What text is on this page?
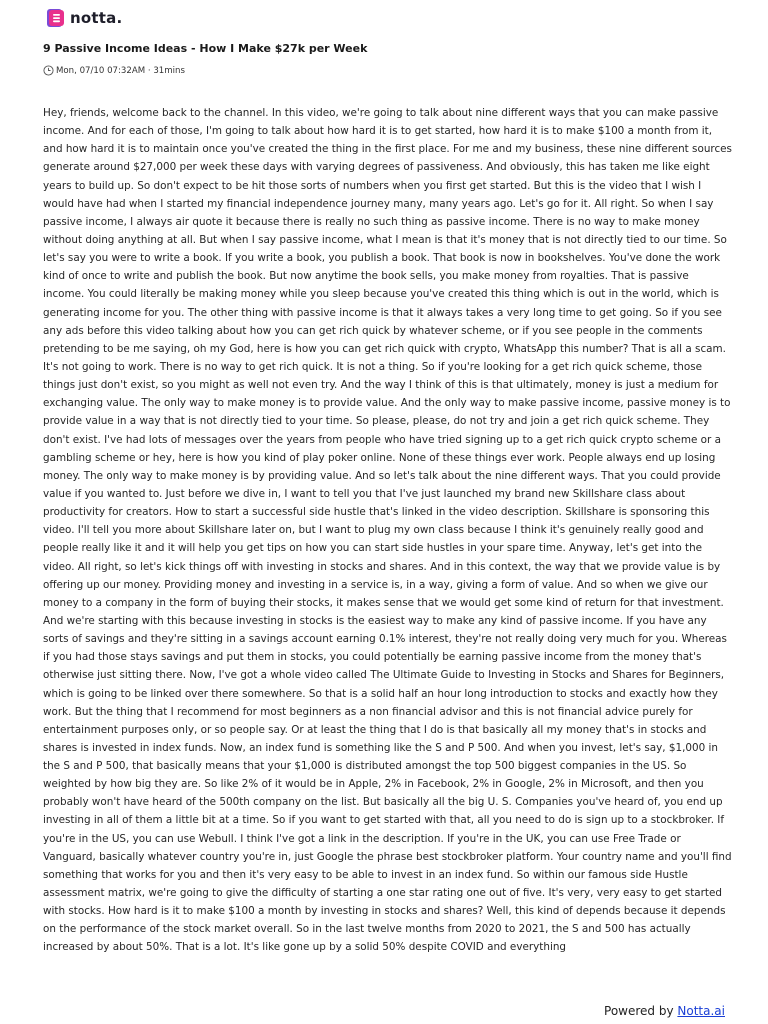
notta.
9 Passive Income Ideas - How I Make $27k per Week
Mon, 07/10 07:32AM · 31mins

Hey, friends, welcome back to the channel. In this video, we're going to talk about nine different ways that you can make passive income. And for each of those, I'm going to talk about how hard it is to get started, how hard it is to make $100 a month from it, and how hard it is to maintain once you've created the thing in the first place. For me and my business, these nine different sources generate around $27,000 per week these days with varying degrees of passiveness. And obviously, this has taken me like eight years to build up. So don't expect to be hit those sorts of numbers when you first get started. But this is the video that I wish I would have had when I started my financial independence journey many, many years ago. Let's go for it. All right. So when I say passive income, I always air quote it because there is really no such thing as passive income. There is no way to make money without doing anything at all. But when I say passive income, what I mean is that it's money that is not directly tied to our time. So let's say you were to write a book. If you write a book, you publish a book. That book is now in bookshelves. You've done the work kind of once to write and publish the book. But now anytime the book sells, you make money from royalties. That is passive income. You could literally be making money while you sleep because you've created this thing which is out in the world, which is generating income for you. The other thing with passive income is that it always takes a very long time to get going. So if you see any ads before this video talking about how you can get rich quick by whatever scheme, or if you see people in the comments pretending to be me saying, oh my God, here is how you can get rich quick with crypto, WhatsApp this number? That is all a scam. It's not going to work. There is no way to get rich quick. It is not a thing. So if you're looking for a get rich quick scheme, those things just don't exist, so you might as well not even try. And the way I think of this is that ultimately, money is just a medium for exchanging value. The only way to make money is to provide value. And the only way to make passive income, passive money is to provide value in a way that is not directly tied to your time. So please, please, do not try and join a get rich quick scheme. They don't exist. I've had lots of messages over the years from people who have tried signing up to a get rich quick crypto scheme or a gambling scheme or hey, here is how you kind of play poker online. None of these things ever work. People always end up losing money. The only way to make money is by providing value. And so let's talk about the nine different ways. That you could provide value if you wanted to. Just before we dive in, I want to tell you that I've just launched my brand new Skillshare class about productivity for creators. How to start a successful side hustle that's linked in the video description. Skillshare is sponsoring this video. I'll tell you more about Skillshare later on, but I want to plug my own class because I think it's genuinely really good and people really like it and it will help you get tips on how you can start side hustles in your spare time. Anyway, let's get into the video. All right, so let's kick things off with investing in stocks and shares. And in this context, the way that we provide value is by offering up our money. Providing money and investing in a service is, in a way, giving a form of value. And so when we give our money to a company in the form of buying their stocks, it makes sense that we would get some kind of return for that investment. And we're starting with this because investing in stocks is the easiest way to make any kind of passive income. If you have any sorts of savings and they're sitting in a savings account earning 0.1% interest, they're not really doing very much for you. Whereas if you had those stays savings and put them in stocks, you could potentially be earning passive income from the money that's otherwise just sitting there. Now, I've got a whole video called The Ultimate Guide to Investing in Stocks and Shares for Beginners, which is going to be linked over there somewhere. So that is a solid half an hour long introduction to stocks and exactly how they work. But the thing that I recommend for most beginners as a non financial advisor and this is not financial advice purely for entertainment purposes only, or so people say. Or at least the thing that I do is that basically all my money that's in stocks and shares is invested in index funds. Now, an index fund is something like the S and P 500. And when you invest, let's say, $1,000 in the S and P 500, that basically means that your $1,000 is distributed amongst the top 500 biggest companies in the US. So weighted by how big they are. So like 2% of it would be in Apple, 2% in Facebook, 2% in Google, 2% in Microsoft, and then you probably won't have heard of the 500th company on the list. But basically all the big U. S. Companies you've heard of, you end up investing in all of them a little bit at a time. So if you want to get started with that, all you need to do is sign up to a stockbroker. If you're in the US, you can use Webull. I think I've got a link in the description. If you're in the UK, you can use Free Trade or Vanguard, basically whatever country you're in, just Google the phrase best stockbroker platform. Your country name and you'll find something that works for you and then it's very easy to be able to invest in an index fund. So within our famous side Hustle assessment matrix, we're going to give the difficulty of starting a one star rating one out of five. It's very, very easy to get started with stocks. How hard is it to make $100 a month by investing in stocks and shares? Well, this kind of depends because it depends on the performance of the stock market overall. So in the last twelve months from 2020 to 2021, the S and 500 has actually increased by about 50%. That is a lot. It's like gone up by a solid 50% despite COVID and everything

Powered by Notta.ai
